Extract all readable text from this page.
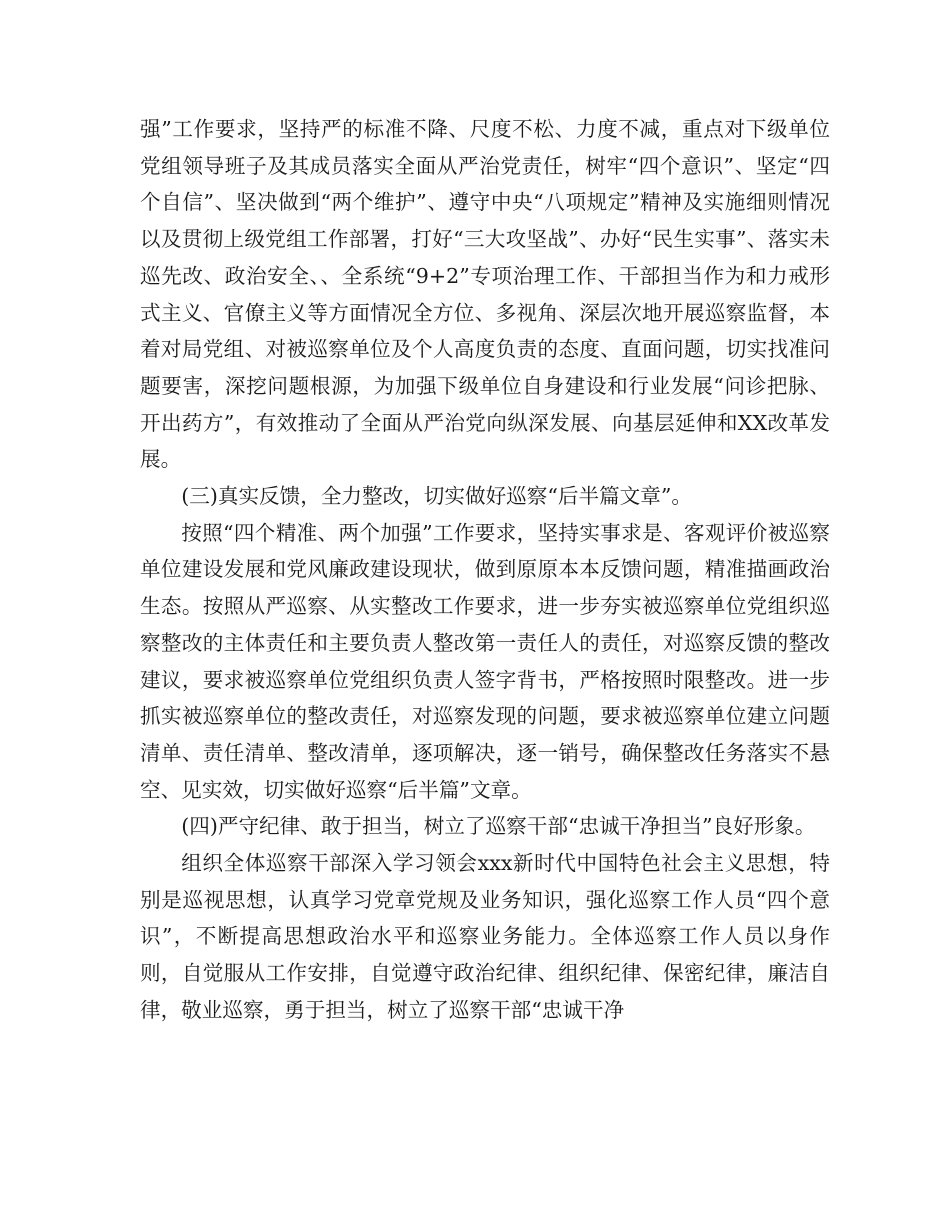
强”工作要求，坚持严的标准不降、尺度不松、力度不减，重点对下级单位党组领导班子及其成员落实全面从严治党责任，树牢“四个意识”、坚定“四个自信”、坚决做到“两个维护”、遵守中央“八项规定”精神及实施细则情况以及贯彻上级党组工作部署，打好“三大攻坚战”、办好“民生实事”、落实未巡先改、政治安全、、全系统“9+2”专项治理工作、干部担当作为和力戒形式主义、官僚主义等方面情况全方位、多视角、深层次地开展巡察监督，本着对局党组、对被巡察单位及个人高度负责的态度、直面问题，切实找准问题要害，深挖问题根源，为加强下级单位自身建设和行业发展“问诊把脉、开出药方”，有效推动了全面从严治党向纵深发展、向基层延伸和XX改革发展。

(三)真实反馈，全力整改，切实做好巡察“后半篇文章”。

按照“四个精准、两个加强”工作要求，坚持实事求是、客观评价被巡察单位建设发展和党风廉政建设现状，做到原原本本反馈问题，精准描画政治生态。按照从严巡察、从实整改工作要求，进一步夯实被巡察单位党组织巡察整改的主体责任和主要负责人整改第一责任人的责任，对巡察反馈的整改建议，要求被巡察单位党组织负责人签字背书，严格按照时限整改。进一步抓实被巡察单位的整改责任，对巡察发现的问题，要求被巡察单位建立问题清单、责任清单、整改清单，逐项解决，逐一销号，确保整改任务落实不悬空、见实效，切实做好巡察“后半篇”文章。

(四)严守纪律、敢于担当，树立了巡察干部“忠诚干净担当”良好形象。

组织全体巡察干部深入学习领会xxx新时代中国特色社会主义思想，特别是巡视思想，认真学习党章党规及业务知识，强化巡察工作人员“四个意识”，不断提高思想政治水平和巡察业务能力。全体巡察工作人员以身作则，自觉服从工作安排，自觉遵守政治纪律、组织纪律、保密纪律，廉洁自律，敬业巡察，勇于担当，树立了巡察干部“忠诚干净
